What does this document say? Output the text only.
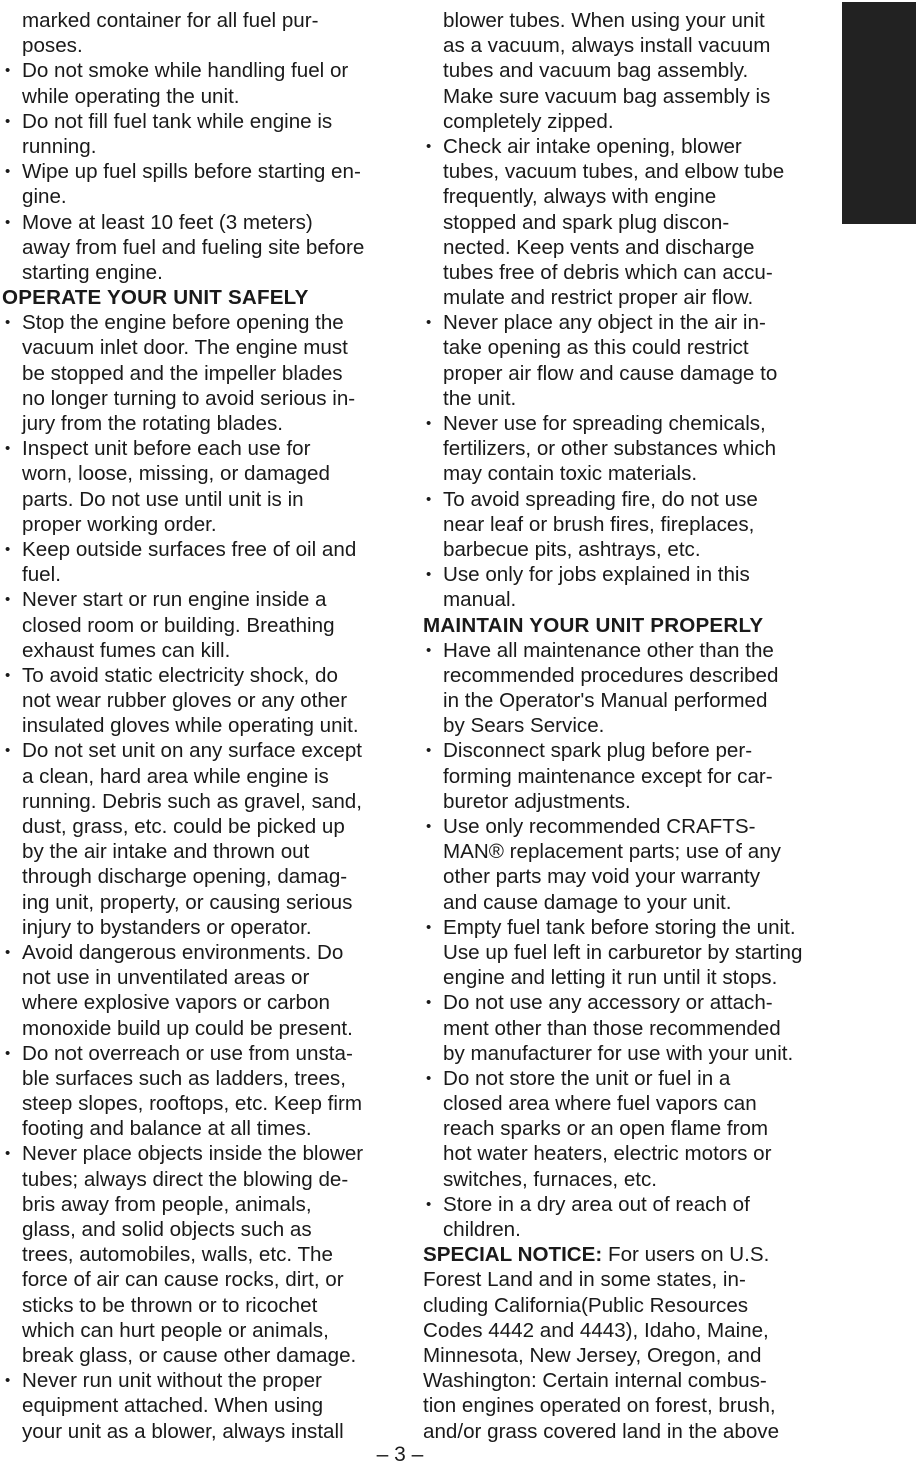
marked container for all fuel pur-
poses.
• Do not smoke while handling fuel or
while operating the unit.
• Do not fill fuel tank while engine is
running.
• Wipe up fuel spills before starting en-
gine.
• Move at least 10 feet (3 meters)
away from fuel and fueling site before
starting engine.
OPERATE YOUR UNIT SAFELY
• Stop the engine before opening the
vacuum inlet door. The engine must
be stopped and the impeller blades
no longer turning to avoid serious in-
jury from the rotating blades.
• Inspect unit before each use for
worn, loose, missing, or damaged
parts. Do not use until unit is in
proper working order.
• Keep outside surfaces free of oil and
fuel.
• Never start or run engine inside a
closed room or building. Breathing
exhaust fumes can kill.
• To avoid static electricity shock, do
not wear rubber gloves or any other
insulated gloves while operating unit.
• Do not set unit on any surface except
a clean, hard area while engine is
running. Debris such as gravel, sand,
dust, grass, etc. could be picked up
by the air intake and thrown out
through discharge opening, damag-
ing unit, property, or causing serious
injury to bystanders or operator.
• Avoid dangerous environments. Do
not use in unventilated areas or
where explosive vapors or carbon
monoxide build up could be present.
• Do not overreach or use from unsta-
ble surfaces such as ladders, trees,
steep slopes, rooftops, etc. Keep firm
footing and balance at all times.
• Never place objects inside the blower
tubes; always direct the blowing de-
bris away from people, animals,
glass, and solid objects such as
trees, automobiles, walls, etc. The
force of air can cause rocks, dirt, or
sticks to be thrown or to ricochet
which can hurt people or animals,
break glass, or cause other damage.
• Never run unit without the proper
equipment attached. When using
your unit as a blower, always install
blower tubes. When using your unit
as a vacuum, always install vacuum
tubes and vacuum bag assembly.
Make sure vacuum bag assembly is
completely zipped.
• Check air intake opening, blower
tubes, vacuum tubes, and elbow tube
frequently, always with engine
stopped and spark plug discon-
nected. Keep vents and discharge
tubes free of debris which can accu-
mulate and restrict proper air flow.
• Never place any object in the air in-
take opening as this could restrict
proper air flow and cause damage to
the unit.
• Never use for spreading chemicals,
fertilizers, or other substances which
may contain toxic materials.
• To avoid spreading fire, do not use
near leaf or brush fires, fireplaces,
barbecue pits, ashtrays, etc.
• Use only for jobs explained in this
manual.
MAINTAIN YOUR UNIT PROPERLY
• Have all maintenance other than the
recommended procedures described
in the Operator's Manual performed
by Sears Service.
• Disconnect spark plug before per-
forming maintenance except for car-
buretor adjustments.
• Use only recommended CRAFTS-
MAN® replacement parts; use of any
other parts may void your warranty
and cause damage to your unit.
• Empty fuel tank before storing the unit.
Use up fuel left in carburetor by starting
engine and letting it run until it stops.
• Do not use any accessory or attach-
ment other than those recommended
by manufacturer for use with your unit.
• Do not store the unit or fuel in a
closed area where fuel vapors can
reach sparks or an open flame from
hot water heaters, electric motors or
switches, furnaces, etc.
• Store in a dry area out of reach of
children.
SPECIAL NOTICE: For users on U.S.
Forest Land and in some states, in-
cluding California(Public Resources
Codes 4442 and 4443), Idaho, Maine,
Minnesota, New Jersey, Oregon, and
Washington: Certain internal combus-
tion engines operated on forest, brush,
and/or grass covered land in the above
– 3 –
